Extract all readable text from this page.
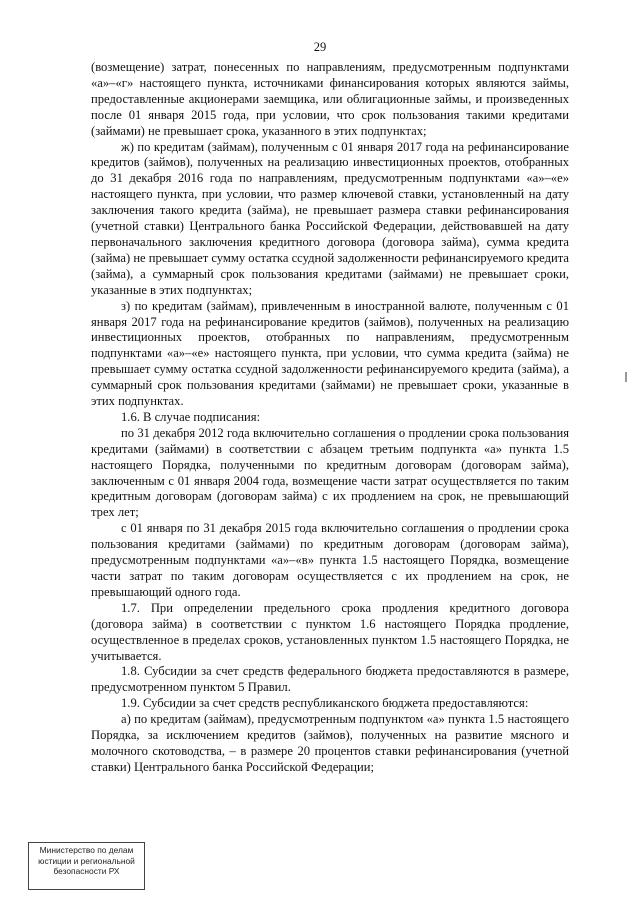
29

(возмещение) затрат, понесенных по направлениям, предусмотренным подпунктами «а»–«г» настоящего пункта, источниками финансирования которых являются займы, предоставленные акционерами заемщика, или облигационные займы, и произведенных после 01 января 2015 года, при условии, что срок пользования такими кредитами (займами) не превышает срока, указанного в этих подпунктах;

ж) по кредитам (займам), полученным с 01 января 2017 года на рефинансирование кредитов (займов), полученных на реализацию инвестиционных проектов, отобранных до 31 декабря 2016 года по направлениям, предусмотренным подпунктами «а»–«е» настоящего пункта, при условии, что размер ключевой ставки, установленный на дату заключения такого кредита (займа), не превышает размера ставки рефинансирования (учетной ставки) Центрального банка Российской Федерации, действовавшей на дату первоначального заключения кредитного договора (договора займа), сумма кредита (займа) не превышает сумму остатка ссудной задолженности рефинансируемого кредита (займа), а суммарный срок пользования кредитами (займами) не превышает сроки, указанные в этих подпунктах;

з) по кредитам (займам), привлеченным в иностранной валюте, полученным с 01 января 2017 года на рефинансирование кредитов (займов), полученных на реализацию инвестиционных проектов, отобранных по направлениям, предусмотренным подпунктами «а»–«е» настоящего пункта, при условии, что сумма кредита (займа) не превышает сумму остатка ссудной задолженности рефинансируемого кредита (займа), а суммарный срок пользования кредитами (займами) не превышает сроки, указанные в этих подпунктах.

1.6. В случае подписания:

по 31 декабря 2012 года включительно соглашения о продлении срока пользования кредитами (займами) в соответствии с абзацем третьим подпункта «а» пункта 1.5 настоящего Порядка, полученными по кредитным договорам (договорам займа), заключенным с 01 января 2004 года, возмещение части затрат осуществляется по таким кредитным договорам (договорам займа) с их продлением на срок, не превышающий трех лет;

с 01 января по 31 декабря 2015 года включительно соглашения о продлении срока пользования кредитами (займами) по кредитным договорам (договорам займа), предусмотренным подпунктами «а»–«в» пункта 1.5 настоящего Порядка, возмещение части затрат по таким договорам осуществляется с их продлением на срок, не превышающий одного года.

1.7. При определении предельного срока продления кредитного договора (договора займа) в соответствии с пунктом 1.6 настоящего Порядка продление, осуществленное в пределах сроков, установленных пунктом 1.5 настоящего Порядка, не учитывается.

1.8. Субсидии за счет средств федерального бюджета предоставляются в размере, предусмотренном пунктом 5 Правил.

1.9. Субсидии за счет средств республиканского бюджета предоставляются:

а) по кредитам (займам), предусмотренным подпунктом «а» пункта 1.5 настоящего Порядка, за исключением кредитов (займов), полученных на развитие мясного и молочного скотоводства, – в размере 20 процентов ставки рефинансирования (учетной ставки) Центрального банка Российской Федерации;

Министерство по делам
юстиции и региональной
безопасности РХ
